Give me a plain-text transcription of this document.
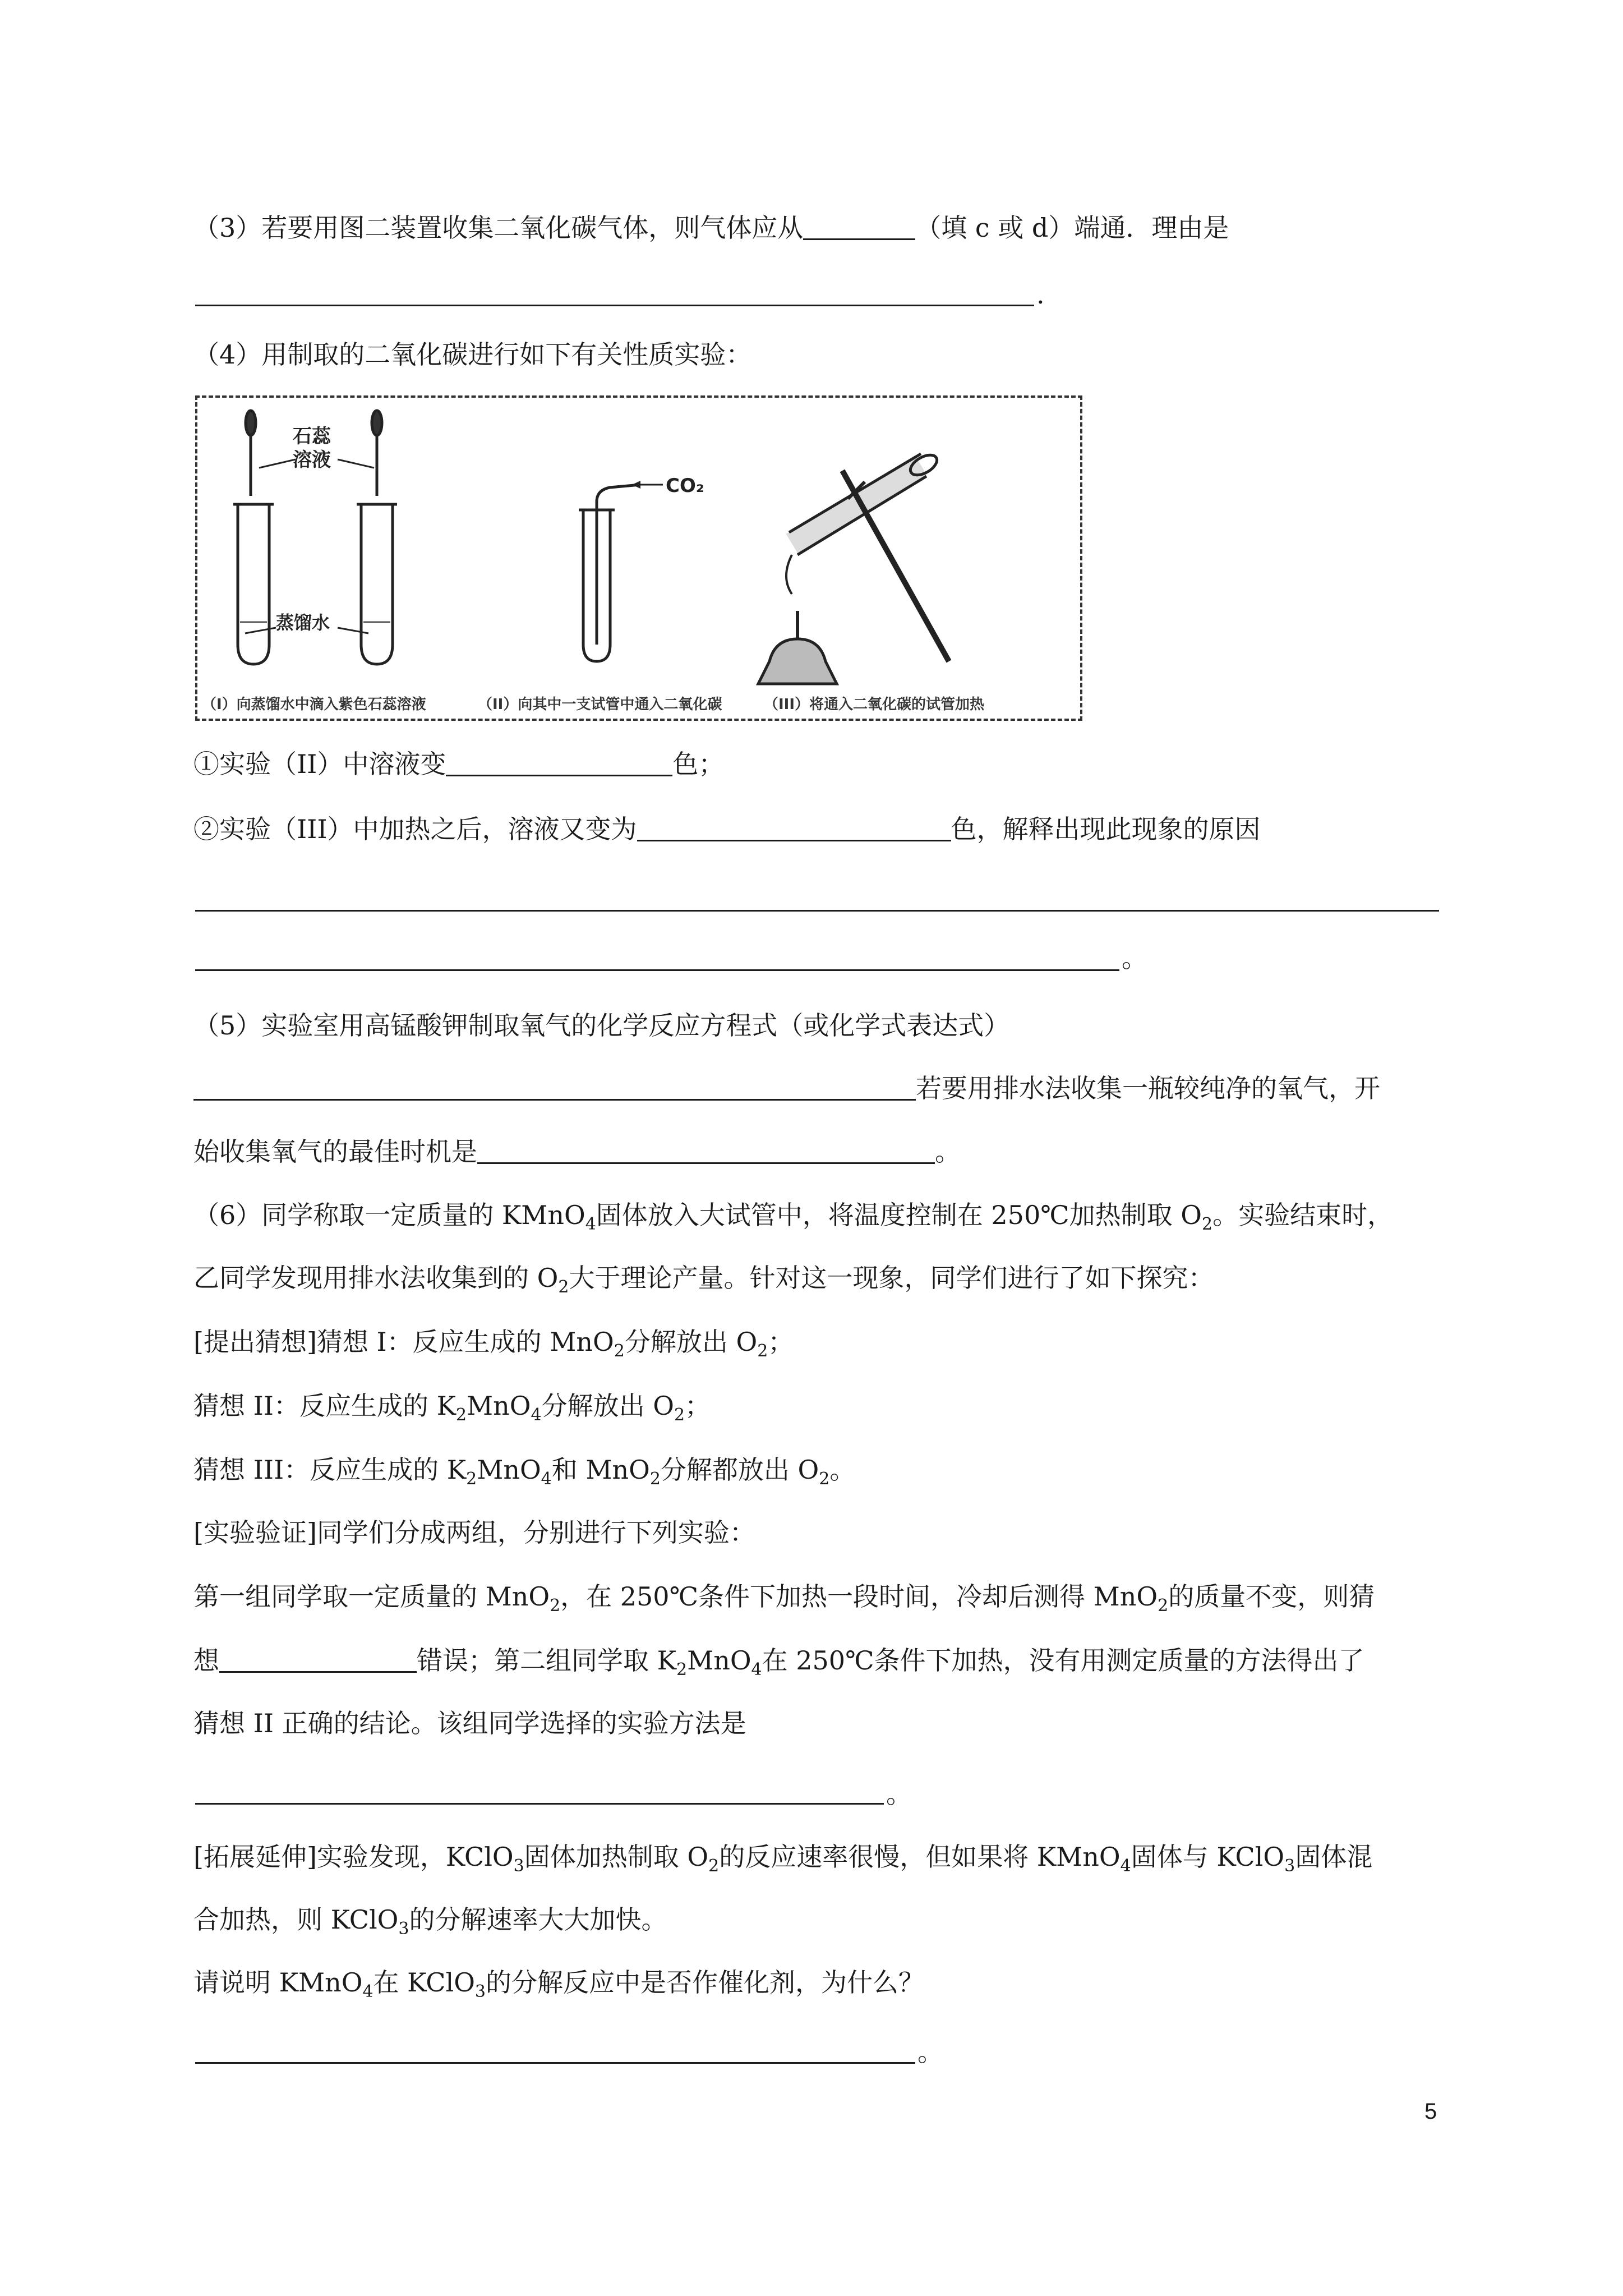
（3）若要用图二装置收集二氧化碳气体，则气体应从	（填 c 或 d）端通．理由是
.
（4）用制取的二氧化碳进行如下有关性质实验：
石蕊
溶液
蒸馏水
CO₂
（I）向蒸馏水中滴入紫色石蕊溶液	（II）向其中一支试管中通入二氧化碳	（III）将通入二氧化碳的试管加热
①实验（II）中溶液变	色；
②实验（III）中加热之后，溶液又变为	色，解释出现此现象的原因
。
（5）实验室用高锰酸钾制取氧气的化学反应方程式（或化学式表达式）
若要用排水法收集一瓶较纯净的氧气，开
始收集氧气的最佳时机是	。
（6）同学称取一定质量的 KMnO$_4$固体放入大试管中，将温度控制在 250℃加热制取 $O_2$。实验结束时，
乙同学发现用排水法收集到的 $O_2$大于理论产量。针对这一现象，同学们进行了如下探究：
[提出猜想]猜想 I：反应生成的 MnO$_2$分解放出 $O_2$；
猜想 II：反应生成的 $K_2MnO_4$分解放出 $O_2$；
猜想 III：反应生成的 $K_2MnO_4$和 MnO$_2$分解都放出 $O_2$。
[实验验证]同学们分成两组，分别进行下列实验：
第一组同学取一定质量的 MnO$_2$，在 250℃条件下加热一段时间，冷却后测得 MnO$_2$的质量不变，则猜
想	错误；第二组同学取 $K_2MnO_4$在 250℃条件下加热，没有用测定质量的方法得出了
猜想 II 正确的结论。该组同学选择的实验方法是
。
[拓展延伸]实验发现，KClO$_3$固体加热制取 $O_2$的反应速率很慢，但如果将 KMnO$_4$固体与 KClO$_3$固体混
合加热，则 KClO$_3$的分解速率大大加快。
请说明 KMnO$_4$在 KClO$_3$的分解反应中是否作催化剂，为什么？
。
5
